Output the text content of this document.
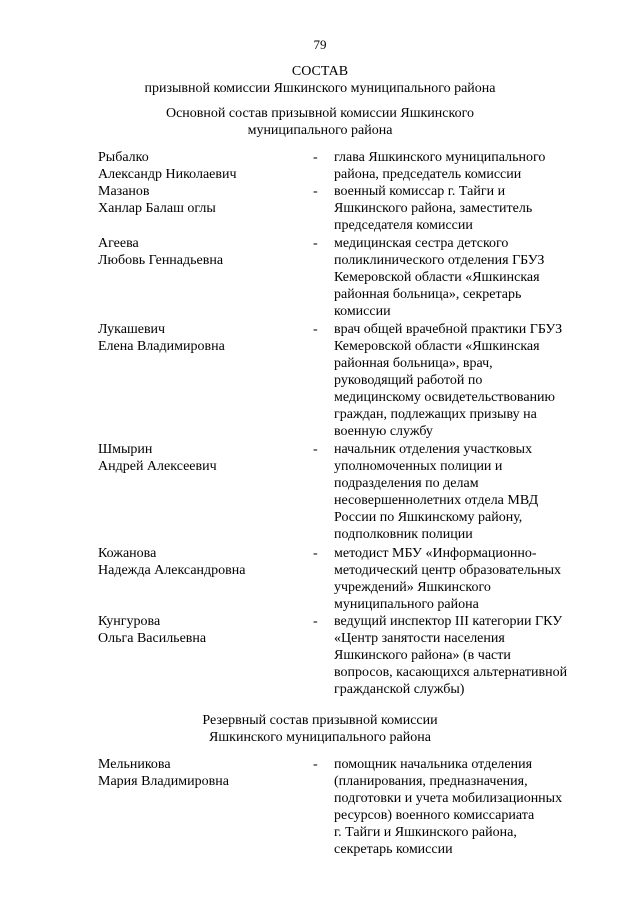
79
СОСТАВ
призывной комиссии Яшкинского муниципального района
Основной состав призывной комиссии Яшкинского
муниципального района
Рыбалко
Александр Николаевич
-	глава Яшкинского муниципального
района, председатель комиссии
Мазанов
Ханлар Балаш оглы
-	военный комиссар г. Тайги и
Яшкинского района, заместитель
председателя комиссии
Агеева
Любовь Геннадьевна
-	медицинская сестра детского
поликлинического отделения ГБУЗ
Кемеровской области «Яшкинская
районная больница», секретарь
комиссии
Лукашевич
Елена Владимировна
-	врач общей врачебной практики ГБУЗ
Кемеровской области «Яшкинская
районная больница», врач,
руководящий работой по
медицинскому освидетельствованию
граждан, подлежащих призыву на
военную службу
Шмырин
Андрей Алексеевич
-	начальник отделения участковых
уполномоченных полиции и
подразделения по делам
несовершеннолетних отдела МВД
России по Яшкинскому району,
подполковник полиции
Кожанова
Надежда Александровна
-	методист МБУ «Информационно-
методический центр образовательных
учреждений» Яшкинского
муниципального района
Кунгурова
Ольга Васильевна
-	ведущий инспектор III категории ГКУ
«Центр занятости населения
Яшкинского района» (в части
вопросов, касающихся альтернативной
гражданской службы)
Резервный состав призывной комиссии
Яшкинского муниципального района
Мельникова
Мария Владимировна
-	помощник начальника отделения
(планирования, предназначения,
подготовки и учета мобилизационных
ресурсов) военного комиссариата
г. Тайги и Яшкинского района,
секретарь комиссии
